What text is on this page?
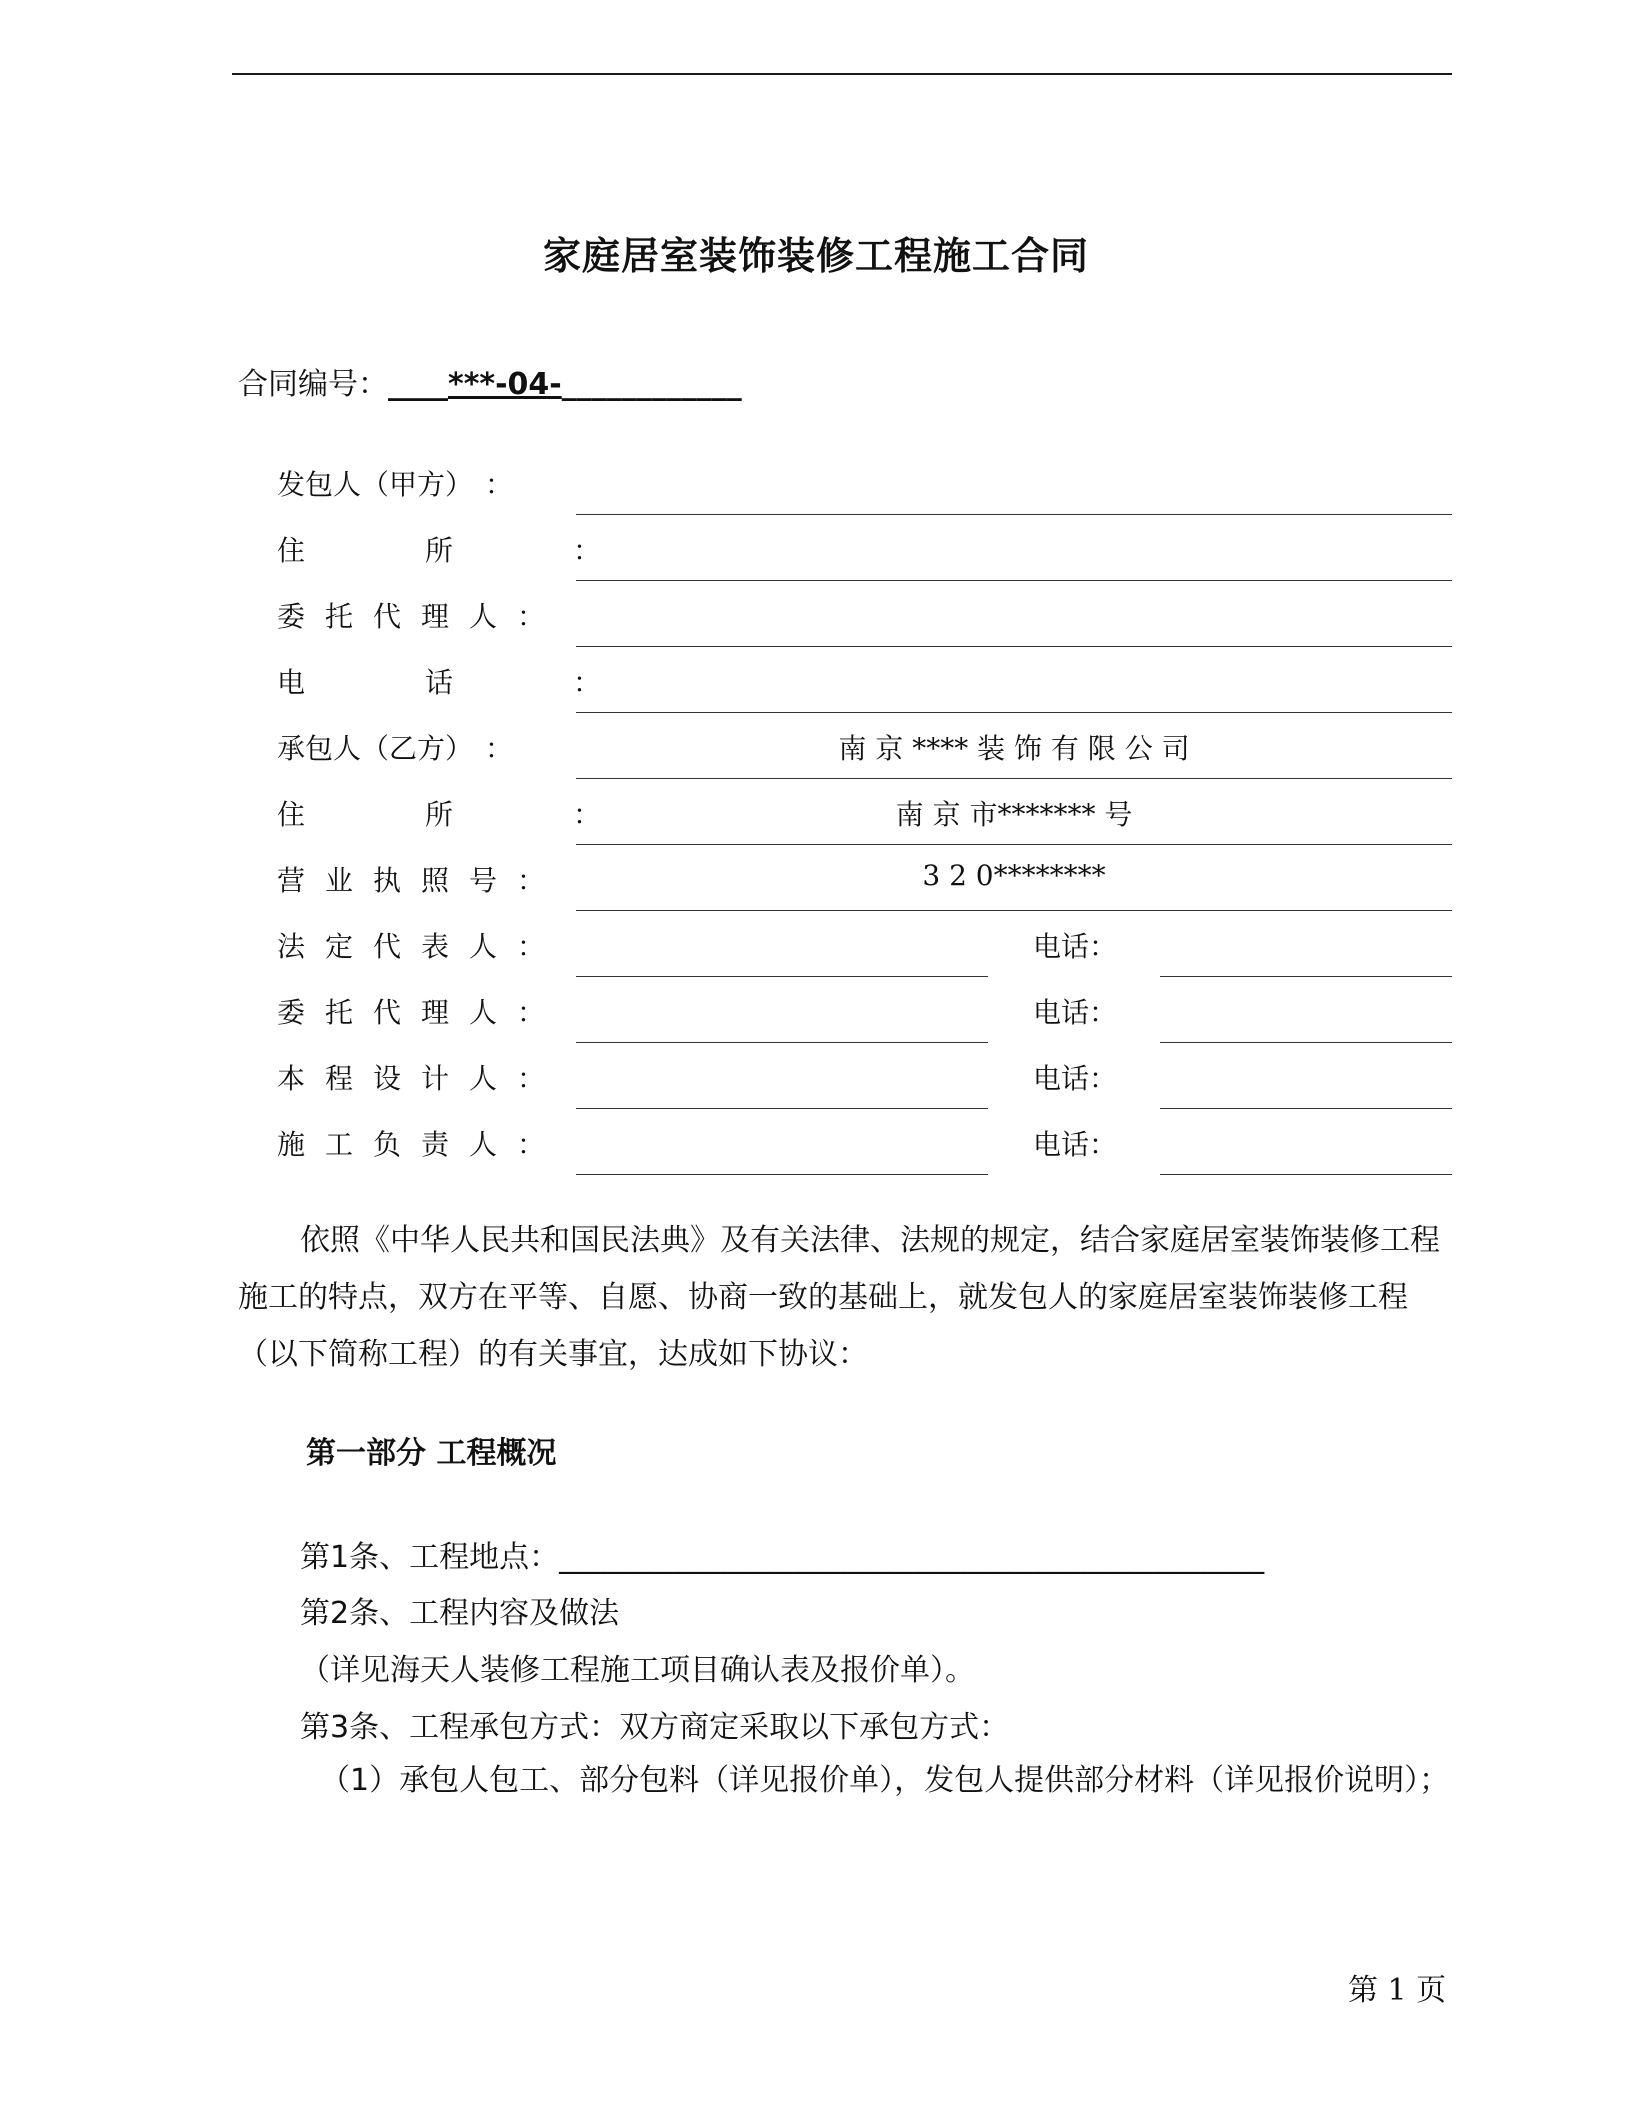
家庭居室装饰装修工程施工合同
合同编号：____***-04-____________
发包人（甲方） ：
住所 ：
委托代理人 ：
电话 ：
承包人（乙方） ：	南 京 **** 装 饰 有 限 公 司
住所 ：	南 京 市******* 号
营业执照号 ：	3 2 0********
法定代表人 ：	电话：
委托代理人 ：	电话：
本程设计人 ：	电话：
施工负责人 ：	电话：
依照《中华人民共和国民法典》及有关法律、法规的规定，结合家庭居室装饰装修工程施工的特点，双方在平等、自愿、协商一致的基础上，就发包人的家庭居室装饰装修工程（以下简称工程）的有关事宜，达成如下协议：
第一部分 工程概况
第1条、工程地点：_______________________________________________
第2条、工程内容及做法
（详见海天人装修工程施工项目确认表及报价单）。
第3条、工程承包方式：双方商定采取以下承包方式：
（1）承包人包工、部分包料（详见报价单），发包人提供部分材料（详见报价说明）；
第 1 页
